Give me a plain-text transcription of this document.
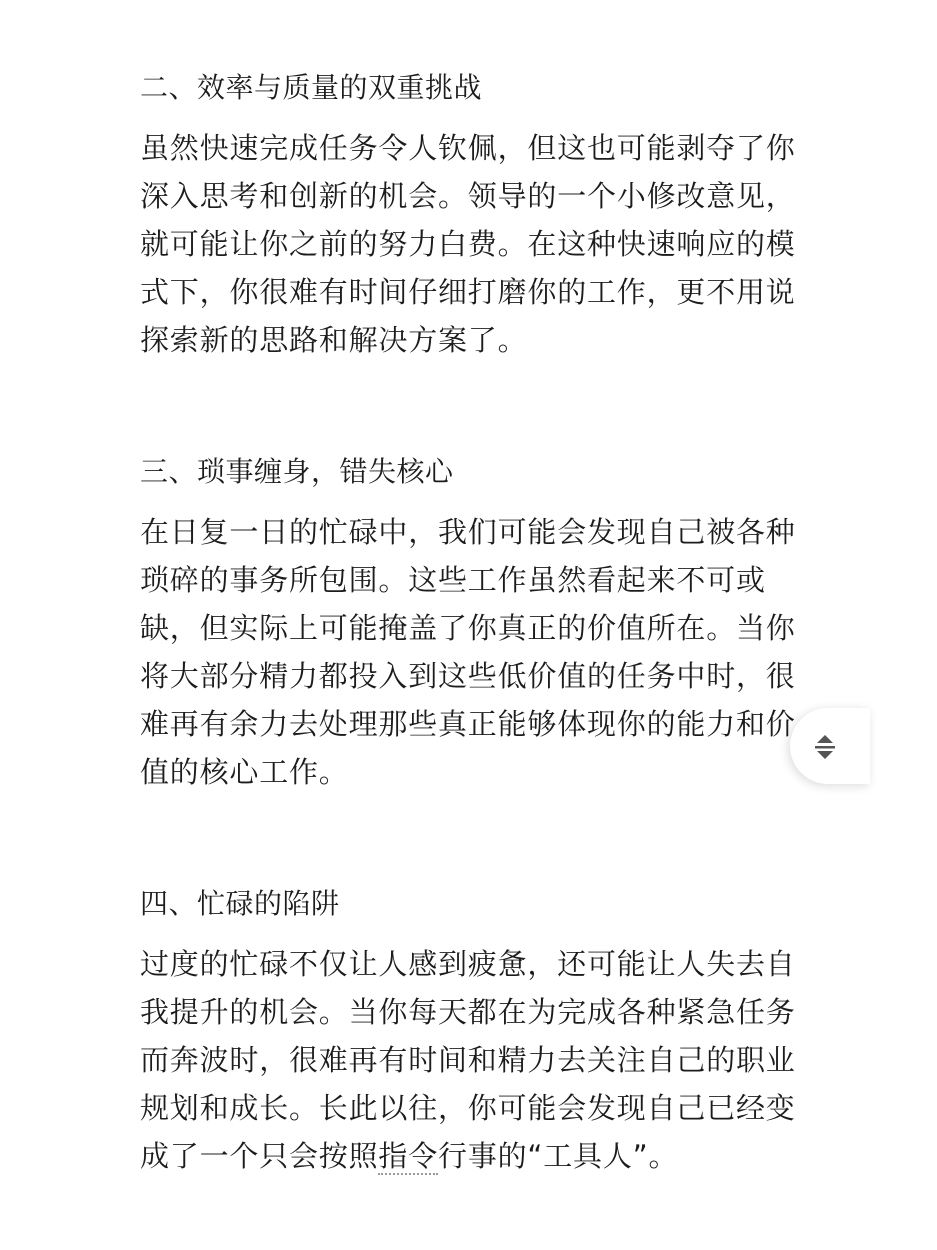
二、效率与质量的双重挑战

虽然快速完成任务令人钦佩，但这也可能剥夺了你
深入思考和创新的机会。领导的一个小修改意见，
就可能让你之前的努力白费。在这种快速响应的模
式下，你很难有时间仔细打磨你的工作，更不用说
探索新的思路和解决方案了。

三、琐事缠身，错失核心

在日复一日的忙碌中，我们可能会发现自己被各种
琐碎的事务所包围。这些工作虽然看起来不可或
缺，但实际上可能掩盖了你真正的价值所在。当你
将大部分精力都投入到这些低价值的任务中时，很
难再有余力去处理那些真正能够体现你的能力和价
值的核心工作。

四、忙碌的陷阱

过度的忙碌不仅让人感到疲惫，还可能让人失去自
我提升的机会。当你每天都在为完成各种紧急任务
而奔波时，很难再有时间和精力去关注自己的职业
规划和成长。长此以往，你可能会发现自己已经变
成了一个只会按照指令行事的“工具人”。
